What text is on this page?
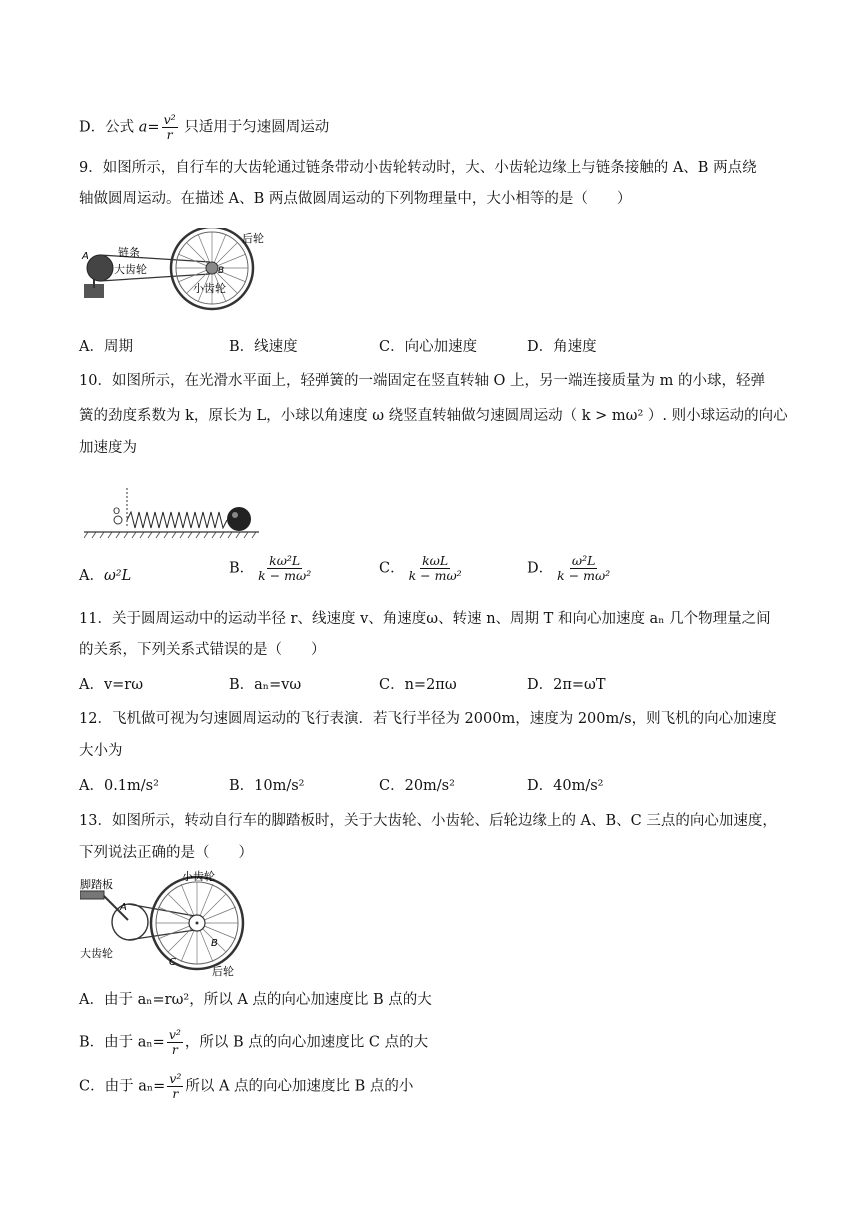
D．公式 $a= \frac{\text{v²}}{r}$ 只适用于匀速圆周运动
9．如图所示，自行车的大齿轮通过链条带动小齿轮转动时，大、小齿轮边缘上与链条接触的 A、B 两点绕
轴做圆周运动。在描述 A、B 两点做圆周运动的下列物理量中，大小相等的是（　　）
A	链条
大齿轮
后轮
B
小齿轮
A．周期	B．线速度	C．向心加速度	D．角速度
10．如图所示，在光滑水平面上，轻弹簧的一端固定在竖直转轴 O 上，另一端连接质量为 m 的小球，轻弹
簧的劲度系数为 k，原长为 L，小球以角速度 ω 绕竖直转轴做匀速圆周运动（ k > mω² ）. 则小球运动的向心
加速度为
O
A．ω²L	B． $\frac{\text{kω²L}}{\text{k − mω²}}$	C． $\frac{\text{kωL}}{\text{k − mω²}}$	D． $\frac{\text{ω²L}}{\text{k − mω²}}$
11．关于圆周运动中的运动半径 r、线速度 v、角速度ω、转速 n、周期 T 和向心加速度 aₙ 几个物理量之间
的关系，下列关系式错误的是（　　）
A．v=rω	B．aₙ=vω	C．n=2πω	D．2π=ωT
12．飞机做可视为匀速圆周运动的飞行表演．若飞行半径为 2000m，速度为 200m/s，则飞机的向心加速度
大小为
A．0.1m/s²	B．10m/s²	C．20m/s²	D．40m/s²
13．如图所示，转动自行车的脚踏板时，关于大齿轮、小齿轮、后轮边缘上的 A、B、C 三点的向心加速度，
下列说法正确的是（　　）
小齿轮
脚踏板
A
大齿轮
B
C
后轮
A．由于 aₙ=rω²，所以 A 点的向心加速度比 B 点的大
B．由于 $a_n= \frac{\text{v²}}{r}$ ，所以 B 点的向心加速度比 C 点的大
C．由于 $a_n= \frac{\text{v²}}{r}$ 所以 A 点的向心加速度比 B 点的小
